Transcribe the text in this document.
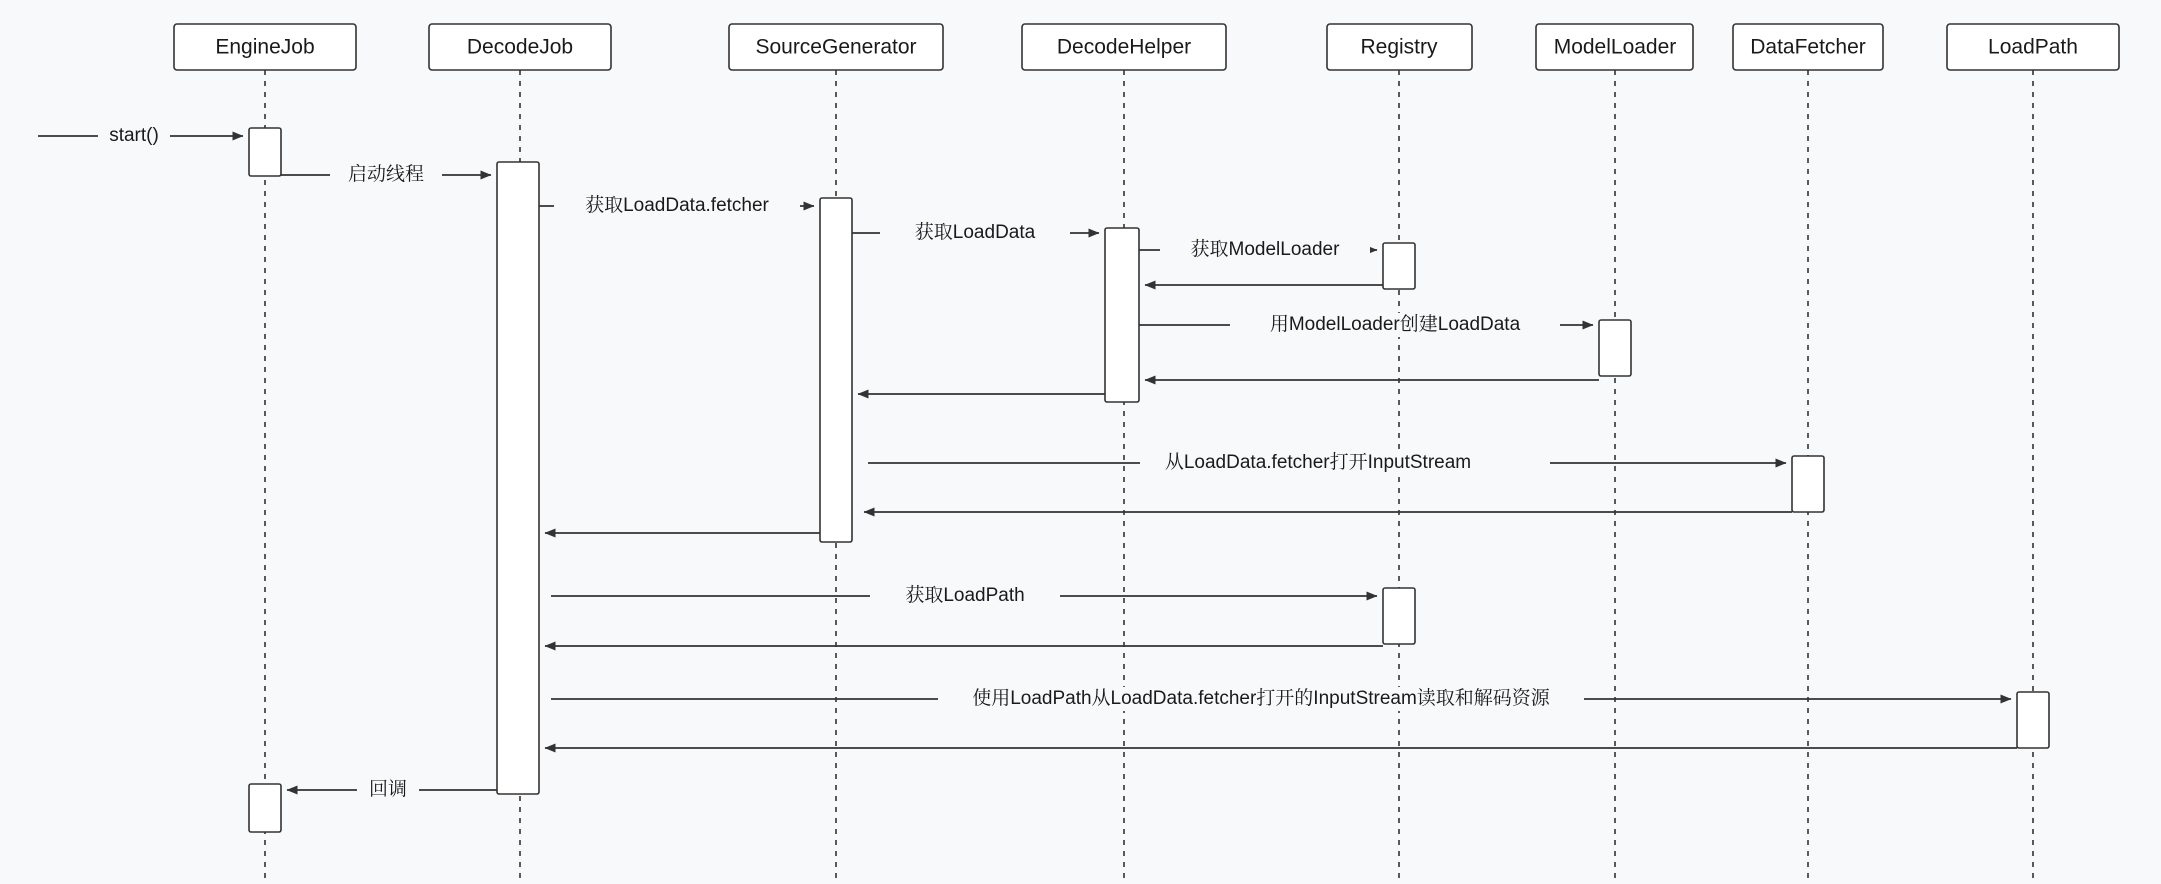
EngineJob	DecodeJob	SourceGenerator	DecodeHelper	Registry	ModelLoader	DataFetcher	LoadPath
start()
启动线程
获取LoadData.fetcher
获取LoadData
获取ModelLoader
用ModelLoader创建LoadData
从LoadData.fetcher打开InputStream
获取LoadPath
使用LoadPath从LoadData.fetcher打开的InputStream读取和解码资源
回调
